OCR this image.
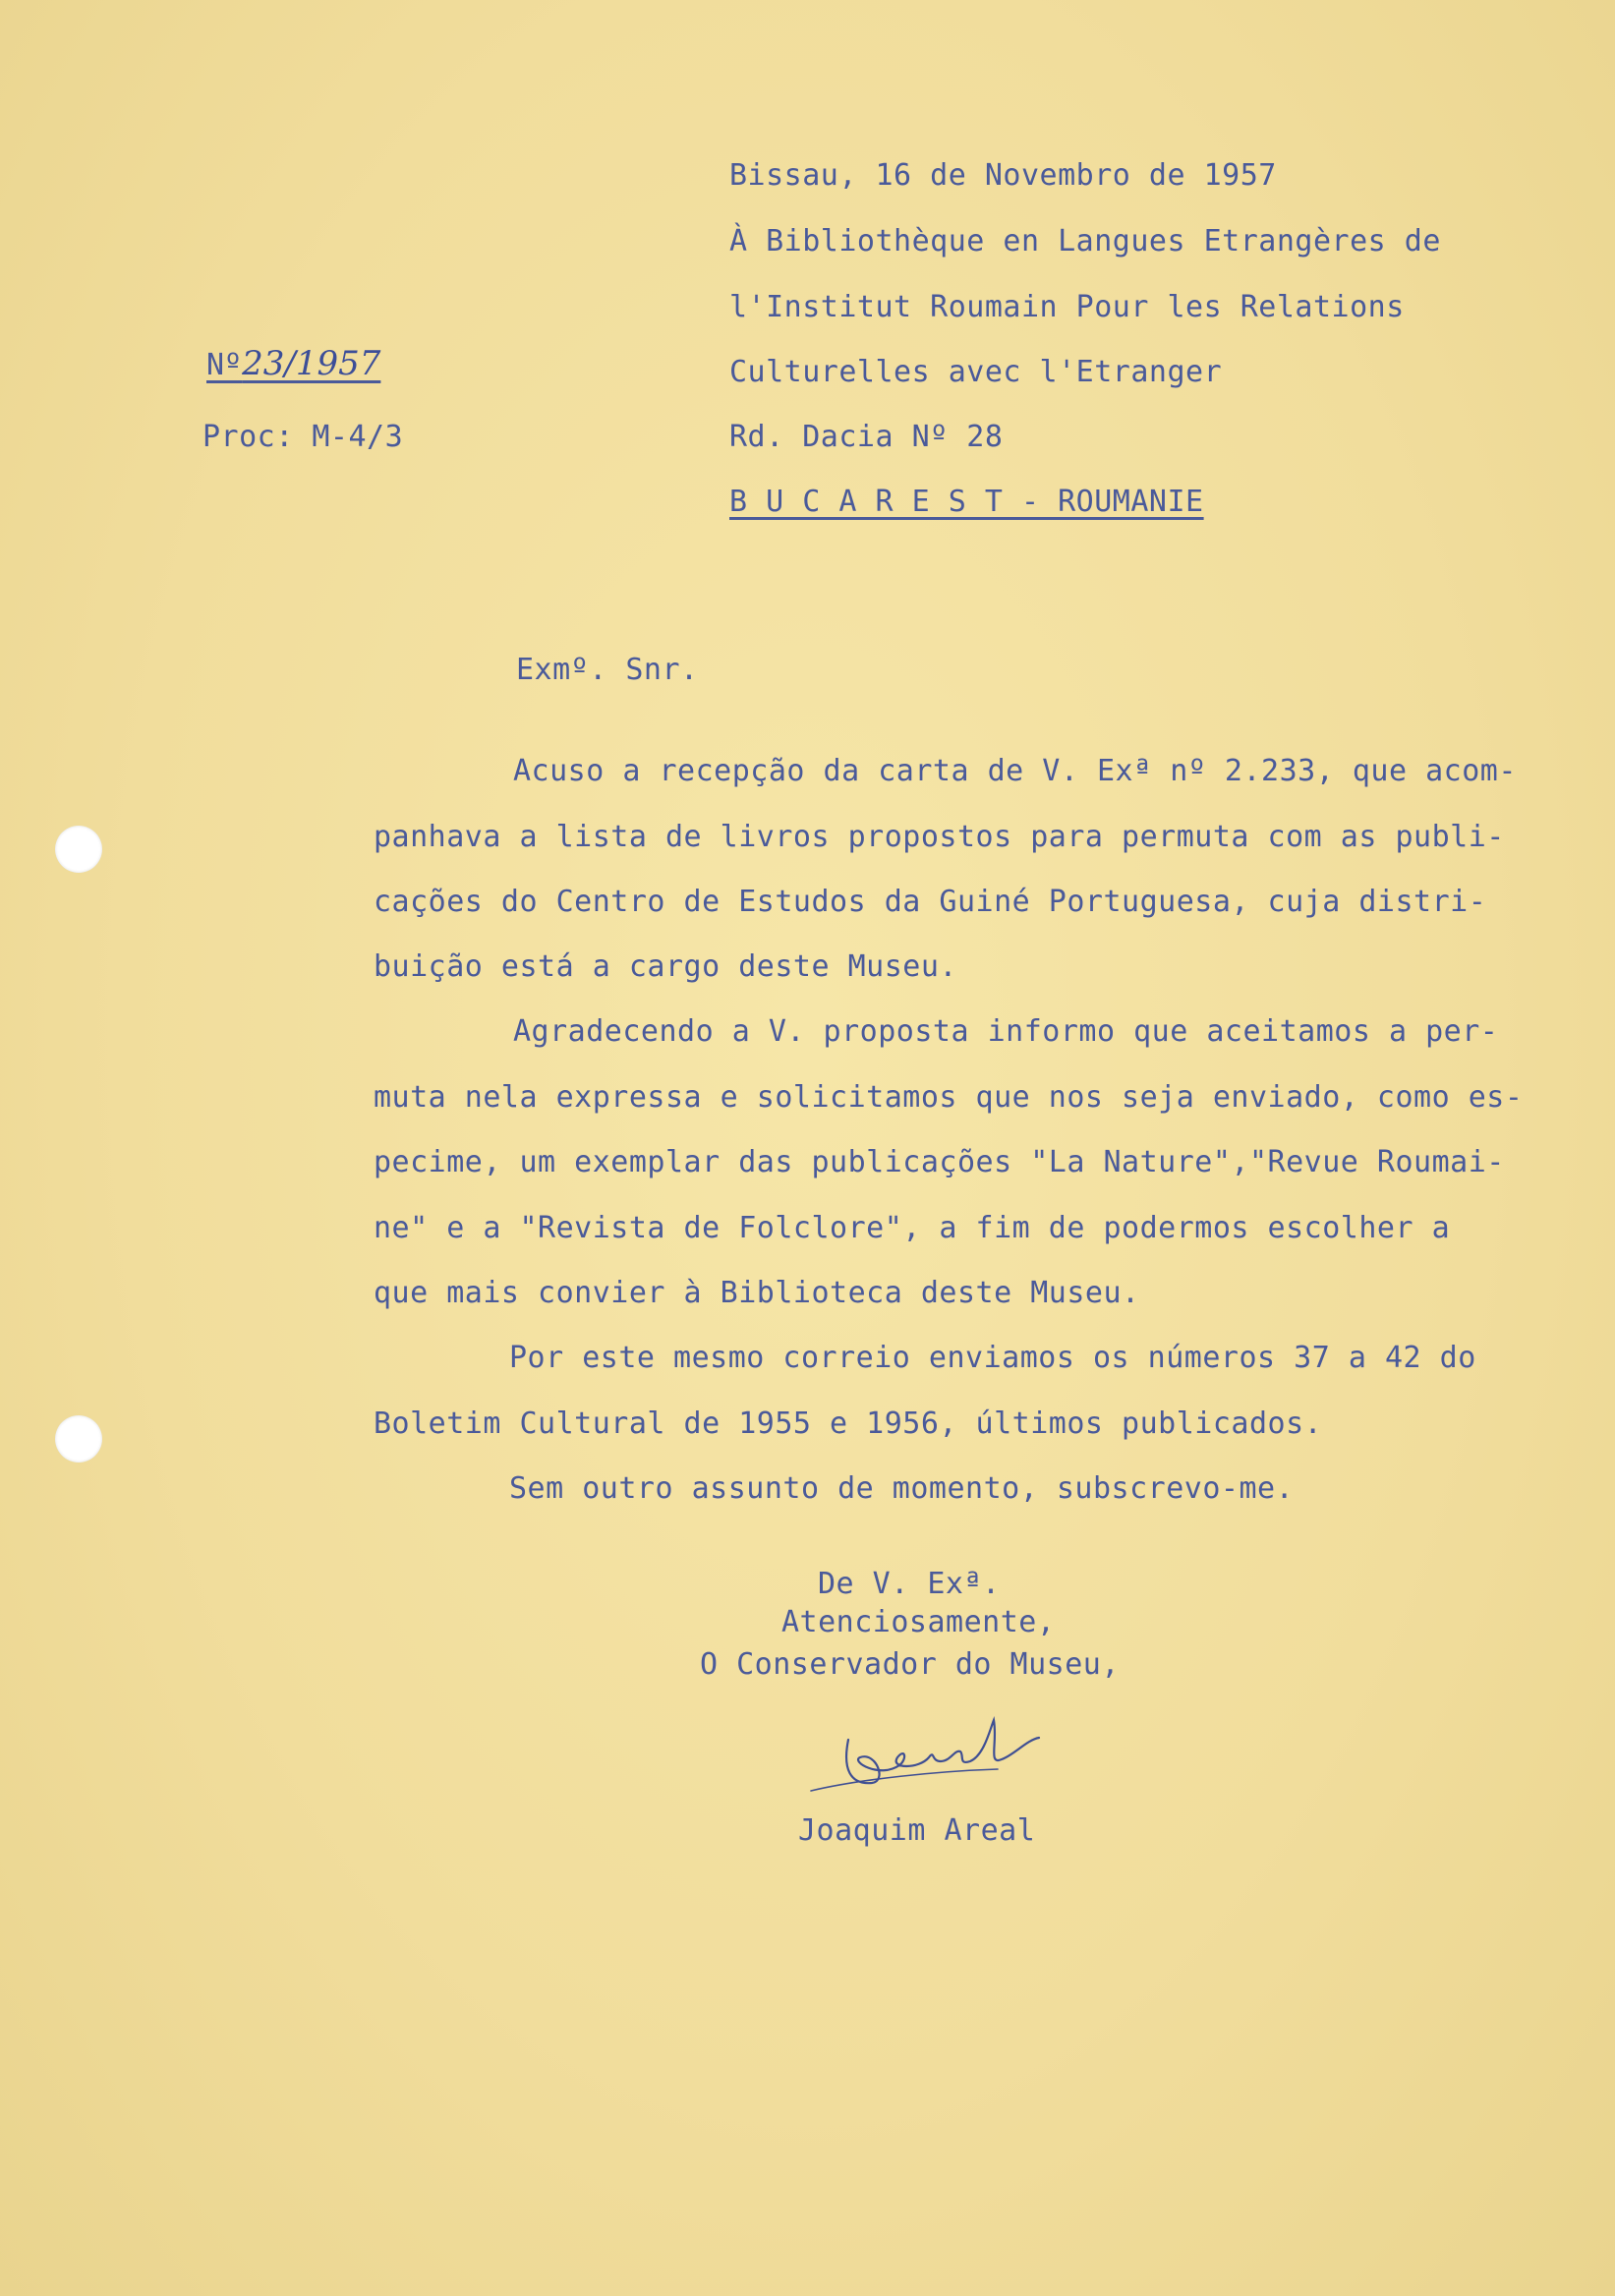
Bissau, 16 de Novembro de 1957
À Bibliothèque en Langues Etrangères de
l'Institut Roumain Pour les Relations
Culturelles avec l'Etranger
Rd. Dacia Nº 28
B U C A R E S T - ROUMANIE
Nº23/1957
Proc: M-4/3
Exmº. Snr.
Acuso a recepção da carta de V. Exª nº 2.233, que acom-
panhava a lista de livros propostos para permuta com as publi-
cações do Centro de Estudos da Guiné Portuguesa, cuja distri-
buição está a cargo deste Museu.
Agradecendo a V. proposta informo que aceitamos a per-
muta nela expressa e solicitamos que nos seja enviado, como es-
pecime, um exemplar das publicações "La Nature","Revue Roumai-
ne" e a "Revista de Folclore", a fim de podermos escolher a
que mais convier à Biblioteca deste Museu.
Por este mesmo correio enviamos os números 37 a 42 do
Boletim Cultural de 1955 e 1956, últimos publicados.
Sem outro assunto de momento, subscrevo-me.
De V. Exª.
Atenciosamente,
O Conservador do Museu,
Joaquim Areal
